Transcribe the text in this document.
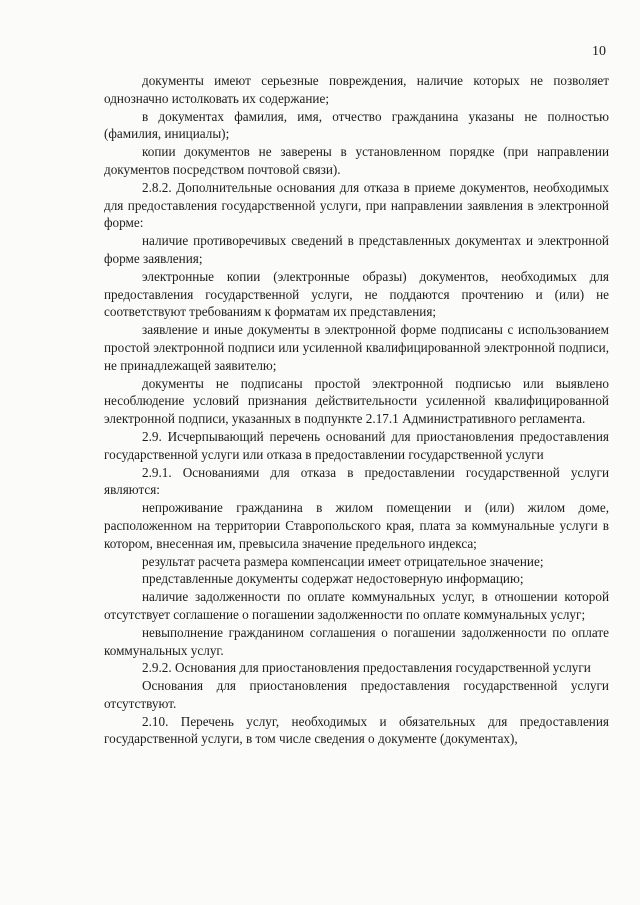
10

документы имеют серьезные повреждения, наличие которых не позволяет однозначно истолковать их содержание;

в документах фамилия, имя, отчество гражданина указаны не полностью (фамилия, инициалы);

копии документов не заверены в установленном порядке (при направлении документов посредством почтовой связи).

2.8.2. Дополнительные основания для отказа в приеме документов, необходимых для предоставления государственной услуги, при направлении заявления в электронной форме:

наличие противоречивых сведений в представленных документах и электронной форме заявления;

электронные копии (электронные образы) документов, необходимых для предоставления государственной услуги, не поддаются прочтению и (или) не соответствуют требованиям к форматам их представления;

заявление и иные документы в электронной форме подписаны с использованием простой электронной подписи или усиленной квалифицированной электронной подписи, не принадлежащей заявителю;

документы не подписаны простой электронной подписью или выявлено несоблюдение условий признания действительности усиленной квалифицированной электронной подписи, указанных в подпункте 2.17.1 Административного регламента.

2.9. Исчерпывающий перечень оснований для приостановления предоставления государственной услуги или отказа в предоставлении государственной услуги

2.9.1. Основаниями для отказа в предоставлении государственной услуги являются:

непроживание гражданина в жилом помещении и (или) жилом доме, расположенном на территории Ставропольского края, плата за коммунальные услуги в котором, внесенная им, превысила значение предельного индекса;

результат расчета размера компенсации имеет отрицательное значение;

представленные документы содержат недостоверную информацию;

наличие задолженности по оплате коммунальных услуг, в отношении которой отсутствует соглашение о погашении задолженности по оплате коммунальных услуг;

невыполнение гражданином соглашения о погашении задолженности по оплате коммунальных услуг.

2.9.2. Основания для приостановления предоставления государственной услуги

Основания для приостановления предоставления государственной услуги отсутствуют.

2.10. Перечень услуг, необходимых и обязательных для предоставления государственной услуги, в том числе сведения о документе (документах),
